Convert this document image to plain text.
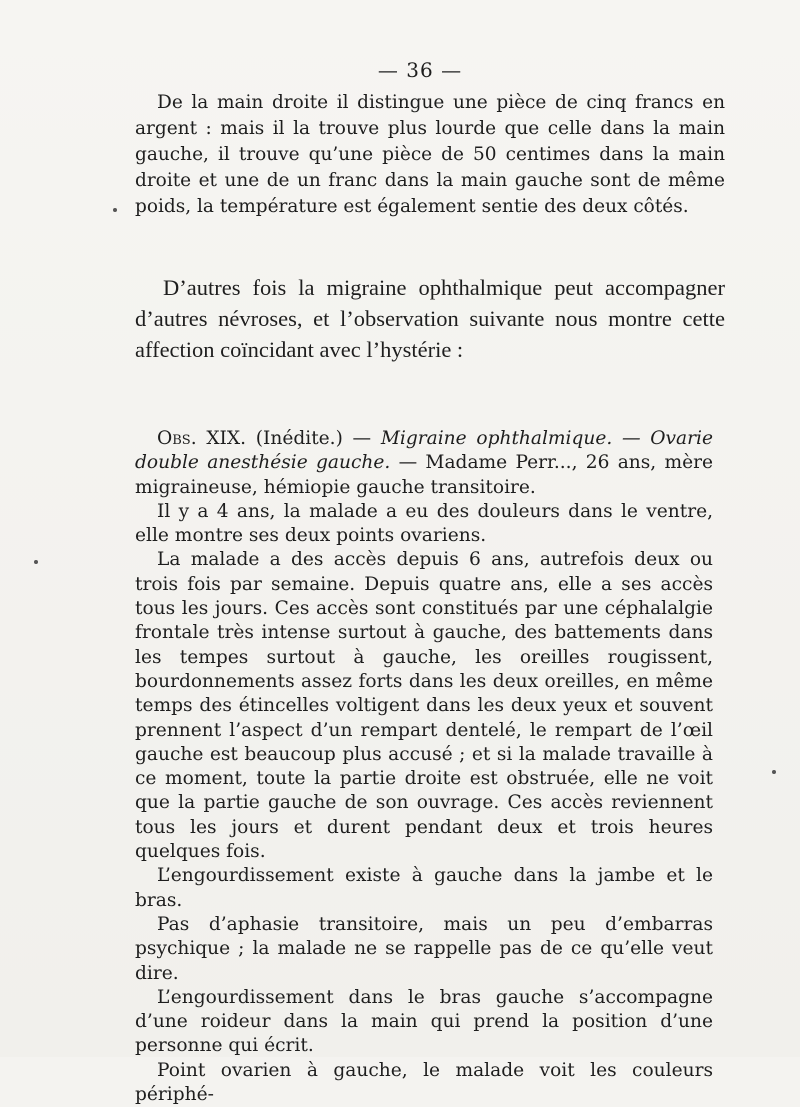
— 36 —
De la main droite il distingue une pièce de cinq francs en argent : mais il la trouve plus lourde que celle dans la main gauche, il trouve qu’une pièce de 50 centimes dans la main droite et une de un franc dans la main gauche sont de même poids, la température est également sentie des deux côtés.

D’autres fois la migraine ophthalmique peut accompagner d’autres névroses, et l’observation suivante nous montre cette affection coïncidant avec l’hystérie :

Obs. XIX. (Inédite.) — Migraine ophthalmique. — Ovarie double anesthésie gauche. — Madame Perr..., 26 ans, mère migraineuse, hémiopie gauche transitoire.

Il y a 4 ans, la malade a eu des douleurs dans le ventre, elle montre ses deux points ovariens.

La malade a des accès depuis 6 ans, autrefois deux ou trois fois par semaine. Depuis quatre ans, elle a ses accès tous les jours. Ces accès sont constitués par une céphalalgie frontale très intense surtout à gauche, des battements dans les tempes surtout à gauche, les oreilles rougissent, bourdonnements assez forts dans les deux oreilles, en même temps des étincelles voltigent dans les deux yeux et souvent prennent l’aspect d’un rempart dentelé, le rempart de l’œil gauche est beaucoup plus accusé ; et si la malade travaille à ce moment, toute la partie droite est obstruée, elle ne voit que la partie gauche de son ouvrage. Ces accès reviennent tous les jours et durent pendant deux et trois heures quelques fois.

L’engourdissement existe à gauche dans la jambe et le bras.

Pas d’aphasie transitoire, mais un peu d’embarras psychique ; la malade ne se rappelle pas de ce qu’elle veut dire.

L’engourdissement dans le bras gauche s’accompagne d’une roideur dans la main qui prend la position d’une personne qui écrit.

Point ovarien à gauche, le malade voit les couleurs périphé-
